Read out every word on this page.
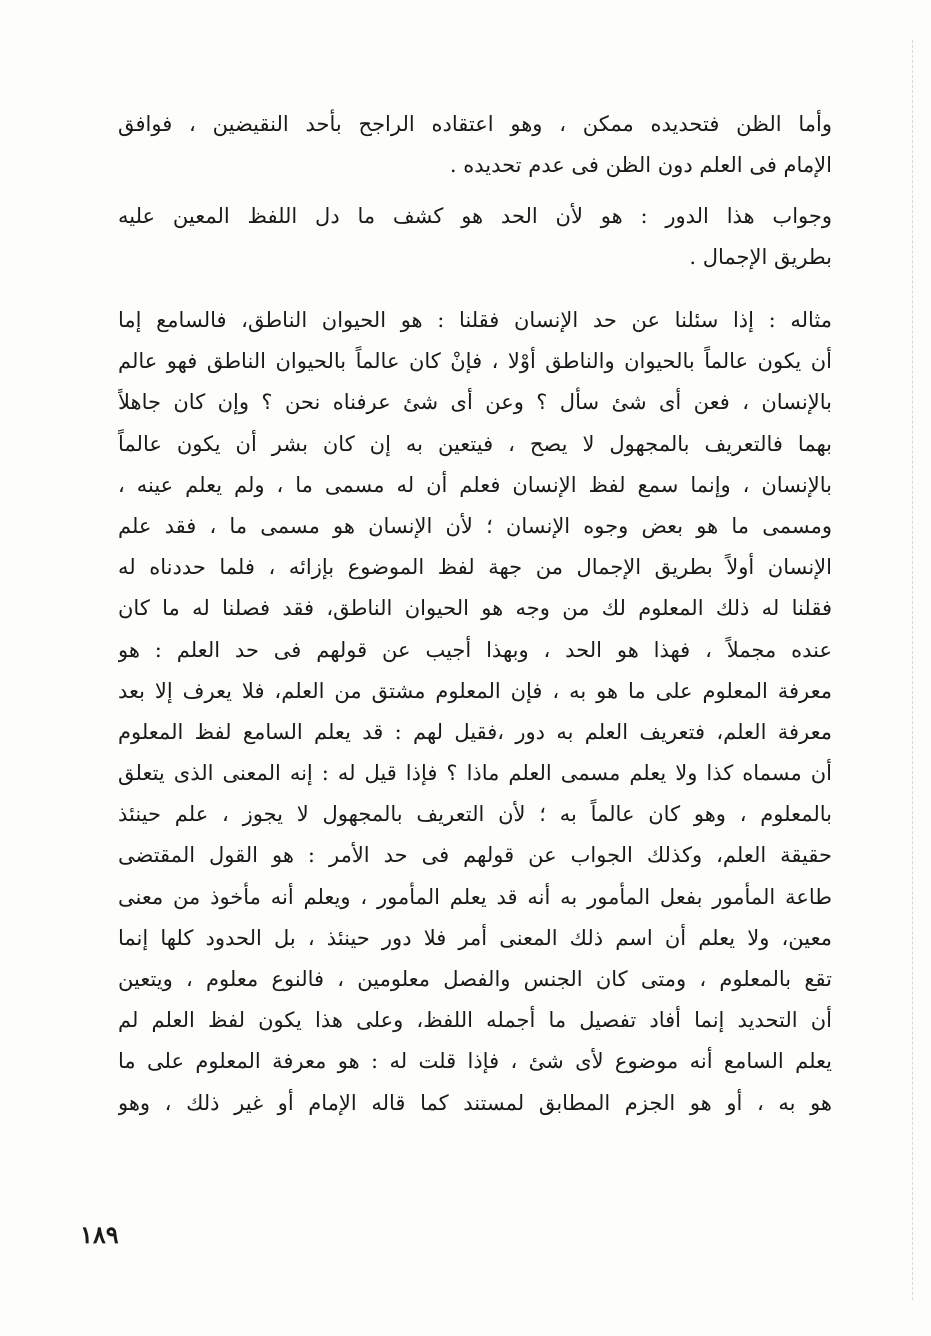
وأما الظن فتحديده ممكن ، وهو اعتقاده الراجح بأحد النقيضين ، فوافق
الإمام فى العلم دون الظن فى عدم تحديده .
وجواب هذا الدور : هو لأن الحد هو كشف ما دل اللفظ المعين عليه
بطريق الإجمال .
مثاله : إذا سئلنا عن حد الإنسان فقلنا : هو الحيوان الناطق، فالسامع إما
أن يكون عالماً بالحيوان والناطق أوْلا ، فإنْ كان عالماً بالحيوان الناطق فهو عالم
بالإنسان ، فعن أى شئ سأل ؟ وعن أى شئ عرفناه نحن ؟ وإن كان جاهلاً
بهما فالتعريف بالمجهول لا يصح ، فيتعين به إن كان بشر أن يكون عالماً
بالإنسان ، وإنما سمع لفظ الإنسان فعلم أن له مسمى ما ، ولم يعلم عينه ،
ومسمى ما هو بعض وجوه الإنسان ؛ لأن الإنسان هو مسمى ما ، فقد علم
الإنسان أولاً بطريق الإجمال من جهة لفظ الموضوع بإزائه ، فلما حددناه له
فقلنا له ذلك المعلوم لك من وجه هو الحيوان الناطق، فقد فصلنا له ما كان
عنده مجملاً ، فهذا هو الحد ، وبهذا أجيب عن قولهم فى حد العلم : هو
معرفة المعلوم على ما هو به ، فإن المعلوم مشتق من العلم، فلا يعرف إلا بعد
معرفة العلم، فتعريف العلم به دور ،فقيل لهم : قد يعلم السامع لفظ المعلوم
أن مسماه كذا ولا يعلم مسمى العلم ماذا ؟ فإذا قيل له : إنه المعنى الذى يتعلق
بالمعلوم ، وهو كان عالماً به ؛ لأن التعريف بالمجهول لا يجوز ، علم حينئذ
حقيقة العلم، وكذلك الجواب عن قولهم فى حد الأمر : هو القول المقتضى
طاعة المأمور بفعل المأمور به أنه قد يعلم المأمور ، ويعلم أنه مأخوذ من معنى
معين، ولا يعلم أن اسم ذلك المعنى أمر فلا دور حينئذ ، بل الحدود كلها إنما
تقع بالمعلوم ، ومتى كان الجنس والفصل معلومين ، فالنوع معلوم ، ويتعين
أن التحديد إنما أفاد تفصيل ما أجمله اللفظ، وعلى هذا يكون لفظ العلم لم
يعلم السامع أنه موضوع لأى شئ ، فإذا قلت له : هو معرفة المعلوم على ما
هو به ، أو هو الجزم المطابق لمستند كما قاله الإمام أو غير ذلك ، وهو
١٨٩
